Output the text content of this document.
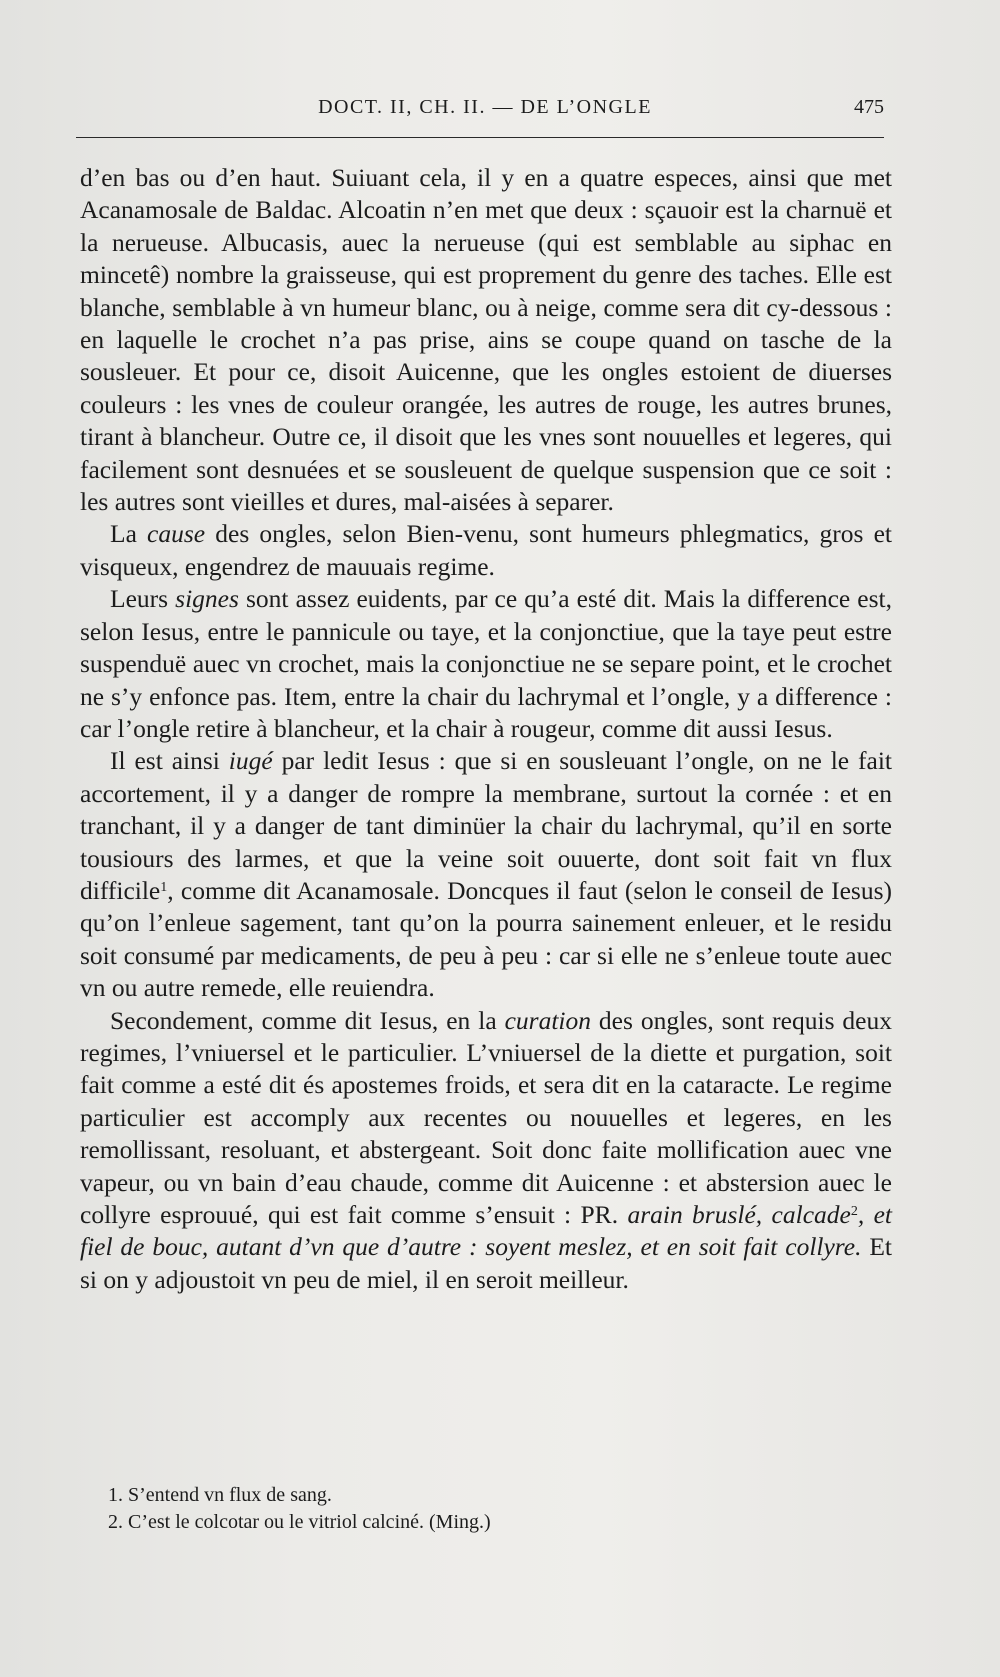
DOCT. II, CH. II. — DE L’ONGLE	475

d’en bas ou d’en haut. Suiuant cela, il y en a quatre especes, ainsi que met Acanamosale de Baldac. Alcoatin n’en met que deux : sçauoir est la charnuë et la nerueuse. Albucasis, auec la nerueuse (qui est semblable au siphac en mincetê) nombre la graisseuse, qui est proprement du genre des taches. Elle est blanche, semblable à vn humeur blanc, ou à neige, comme sera dit cy-dessous : en laquelle le crochet n’a pas prise, ains se coupe quand on tasche de la sousleuer. Et pour ce, disoit Auicenne, que les ongles estoient de diuerses couleurs : les vnes de couleur orangée, les autres de rouge, les autres brunes, tirant à blancheur. Outre ce, il disoit que les vnes sont nouuelles et legeres, qui facilement sont desnuées et se sousleuent de quelque suspension que ce soit : les autres sont vieilles et dures, mal-aisées à separer.

La cause des ongles, selon Bien-venu, sont humeurs phlegmatics, gros et visqueux, engendrez de mauuais regime.

Leurs signes sont assez euidents, par ce qu’a esté dit. Mais la difference est, selon Iesus, entre le pannicule ou taye, et la conjonctiue, que la taye peut estre suspenduë auec vn crochet, mais la conjonctiue ne se separe point, et le crochet ne s’y enfonce pas. Item, entre la chair du lachrymal et l’ongle, y a difference : car l’ongle retire à blancheur, et la chair à rougeur, comme dit aussi Iesus.

Il est ainsi iugé par ledit Iesus : que si en sousleuant l’ongle, on ne le fait accortement, il y a danger de rompre la membrane, surtout la cornée : et en tranchant, il y a danger de tant diminüer la chair du lachrymal, qu’il en sorte tousiours des larmes, et que la veine soit ouuerte, dont soit fait vn flux difficile$^1$, comme dit Acanamosale. Doncques il faut (selon le conseil de Iesus) qu’on l’enleue sagement, tant qu’on la pourra sainement enleuer, et le residu soit consumé par medicaments, de peu à peu : car si elle ne s’enleue toute auec vn ou autre remede, elle reuiendra.

Secondement, comme dit Iesus, en la curation des ongles, sont requis deux regimes, l’vniuersel et le particulier. L’vniuersel de la diette et purgation, soit fait comme a esté dit és apostemes froids, et sera dit en la cataracte. Le regime particulier est accomply aux recentes ou nouuelles et legeres, en les remollissant, resoluant, et abstergeant. Soit donc faite mollification auec vne vapeur, ou vn bain d’eau chaude, comme dit Auicenne : et abstersion auec le collyre esprouué, qui est fait comme s’ensuit : PR. arain bruslé, calcade$^2$, et fiel de bouc, autant d’vn que d’autre : soyent meslez, et en soit fait collyre. Et si on y adjoustoit vn peu de miel, il en seroit meilleur.

1. S’entend vn flux de sang.

2. C’est le colcotar ou le vitriol calciné. (Ming.)
